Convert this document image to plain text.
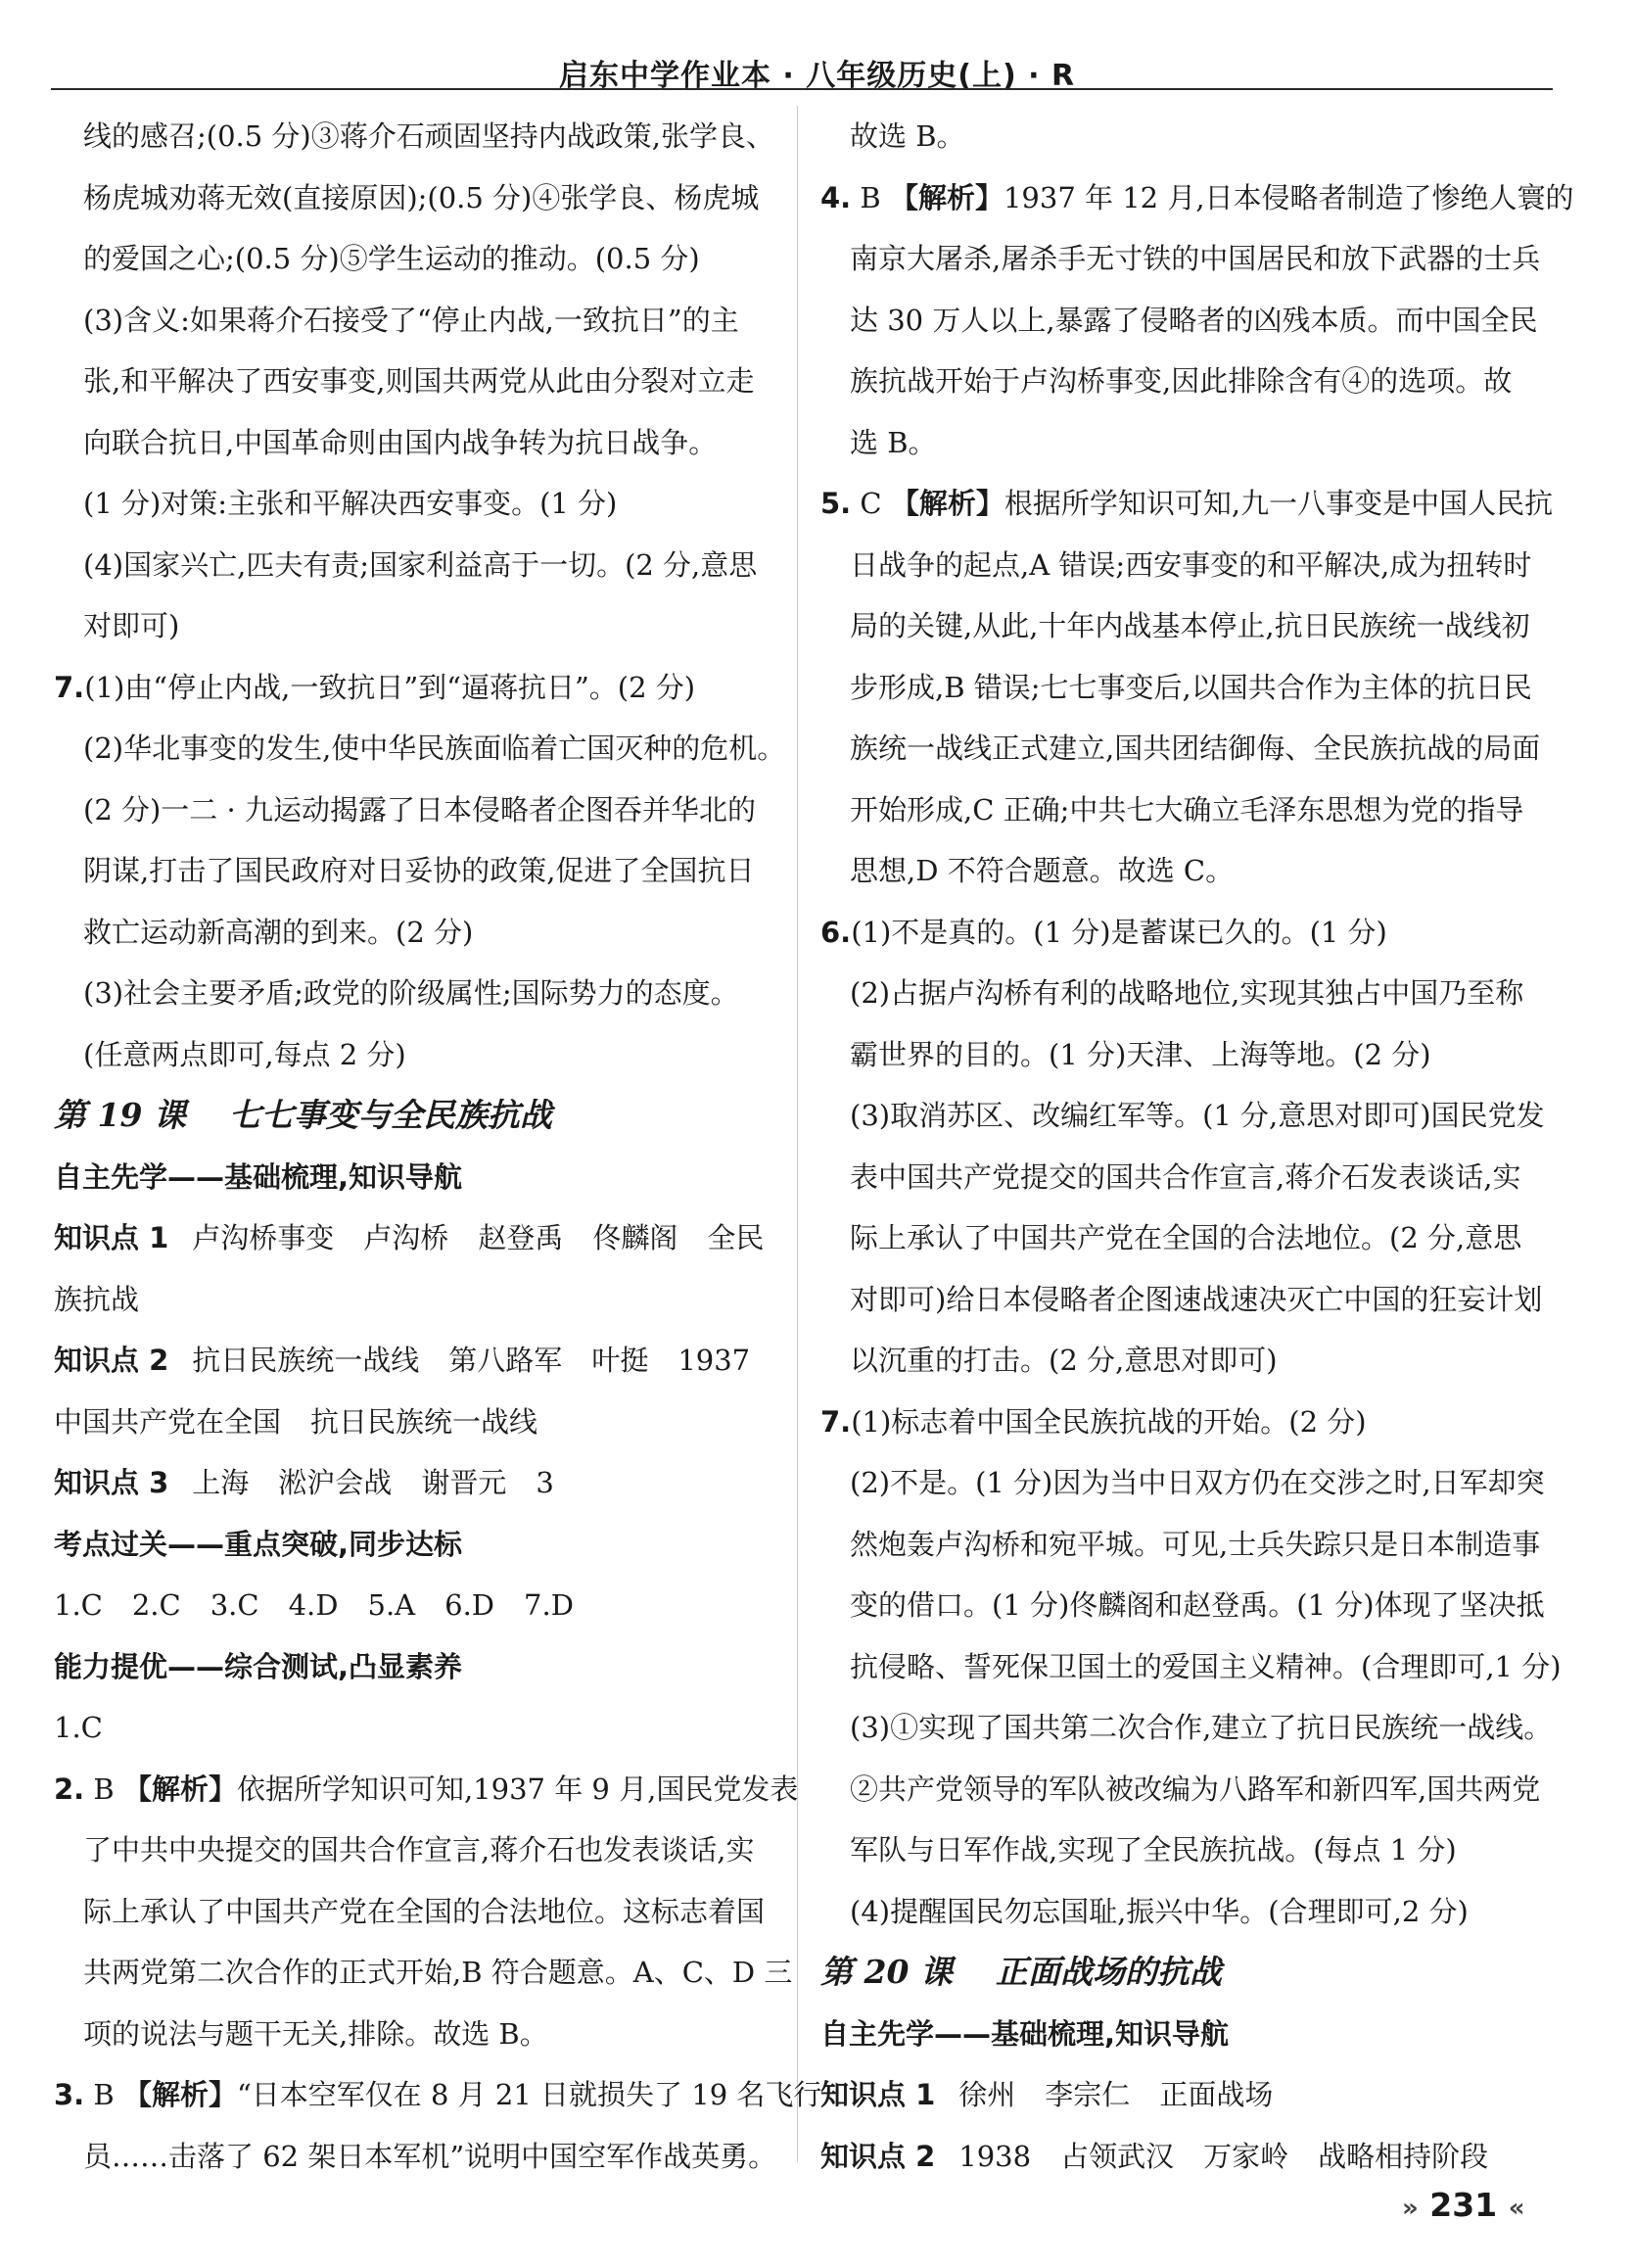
启东中学作业本 · 八年级历史(上) · R
线的感召;(0.5 分)③蒋介石顽固坚持内战政策,张学良、
杨虎城劝蒋无效(直接原因);(0.5 分)④张学良、杨虎城
的爱国之心;(0.5 分)⑤学生运动的推动。(0.5 分)
(3)含义:如果蒋介石接受了“停止内战,一致抗日”的主
张,和平解决了西安事变,则国共两党从此由分裂对立走
向联合抗日,中国革命则由国内战争转为抗日战争。
(1 分)对策:主张和平解决西安事变。(1 分)
(4)国家兴亡,匹夫有责;国家利益高于一切。(2 分,意思
对即可)
7.(1)由“停止内战,一致抗日”到“逼蒋抗日”。(2 分)
(2)华北事变的发生,使中华民族面临着亡国灭种的危机。
(2 分)一二 · 九运动揭露了日本侵略者企图吞并华北的
阴谋,打击了国民政府对日妥协的政策,促进了全国抗日
救亡运动新高潮的到来。(2 分)
(3)社会主要矛盾;政党的阶级属性;国际势力的态度。
(任意两点即可,每点 2 分)
第 19 课 七七事变与全民族抗战
自主先学——基础梳理,知识导航
知识点 1 卢沟桥事变 卢沟桥 赵登禹 佟麟阁 全民
族抗战
知识点 2 抗日民族统一战线 第八路军 叶挺 1937
中国共产党在全国 抗日民族统一战线
知识点 3 上海 淞沪会战 谢晋元 3
考点过关——重点突破,同步达标
1.C 2.C 3.C 4.D 5.A 6.D 7.D
能力提优——综合测试,凸显素养
1.C
2. B 【解析】依据所学知识可知,1937 年 9 月,国民党发表
了中共中央提交的国共合作宣言,蒋介石也发表谈话,实
际上承认了中国共产党在全国的合法地位。这标志着国
共两党第二次合作的正式开始,B 符合题意。A、C、D 三
项的说法与题干无关,排除。故选 B。
3. B 【解析】“日本空军仅在 8 月 21 日就损失了 19 名飞行
员……击落了 62 架日本军机”说明中国空军作战英勇。
故选 B。
4. B 【解析】1937 年 12 月,日本侵略者制造了惨绝人寰的
南京大屠杀,屠杀手无寸铁的中国居民和放下武器的士兵
达 30 万人以上,暴露了侵略者的凶残本质。而中国全民
族抗战开始于卢沟桥事变,因此排除含有④的选项。故
选 B。
5. C 【解析】根据所学知识可知,九一八事变是中国人民抗
日战争的起点,A 错误;西安事变的和平解决,成为扭转时
局的关键,从此,十年内战基本停止,抗日民族统一战线初
步形成,B 错误;七七事变后,以国共合作为主体的抗日民
族统一战线正式建立,国共团结御侮、全民族抗战的局面
开始形成,C 正确;中共七大确立毛泽东思想为党的指导
思想,D 不符合题意。故选 C。
6.(1)不是真的。(1 分)是蓄谋已久的。(1 分)
(2)占据卢沟桥有利的战略地位,实现其独占中国乃至称
霸世界的目的。(1 分)天津、上海等地。(2 分)
(3)取消苏区、改编红军等。(1 分,意思对即可)国民党发
表中国共产党提交的国共合作宣言,蒋介石发表谈话,实
际上承认了中国共产党在全国的合法地位。(2 分,意思
对即可)给日本侵略者企图速战速决灭亡中国的狂妄计划
以沉重的打击。(2 分,意思对即可)
7.(1)标志着中国全民族抗战的开始。(2 分)
(2)不是。(1 分)因为当中日双方仍在交涉之时,日军却突
然炮轰卢沟桥和宛平城。可见,士兵失踪只是日本制造事
变的借口。(1 分)佟麟阁和赵登禹。(1 分)体现了坚决抵
抗侵略、誓死保卫国土的爱国主义精神。(合理即可,1 分)
(3)①实现了国共第二次合作,建立了抗日民族统一战线。
②共产党领导的军队被改编为八路军和新四军,国共两党
军队与日军作战,实现了全民族抗战。(每点 1 分)
(4)提醒国民勿忘国耻,振兴中华。(合理即可,2 分)
第 20 课 正面战场的抗战
自主先学——基础梳理,知识导航
知识点 1 徐州 李宗仁 正面战场
知识点 2 1938 占领武汉 万家岭 战略相持阶段
» 231 «
